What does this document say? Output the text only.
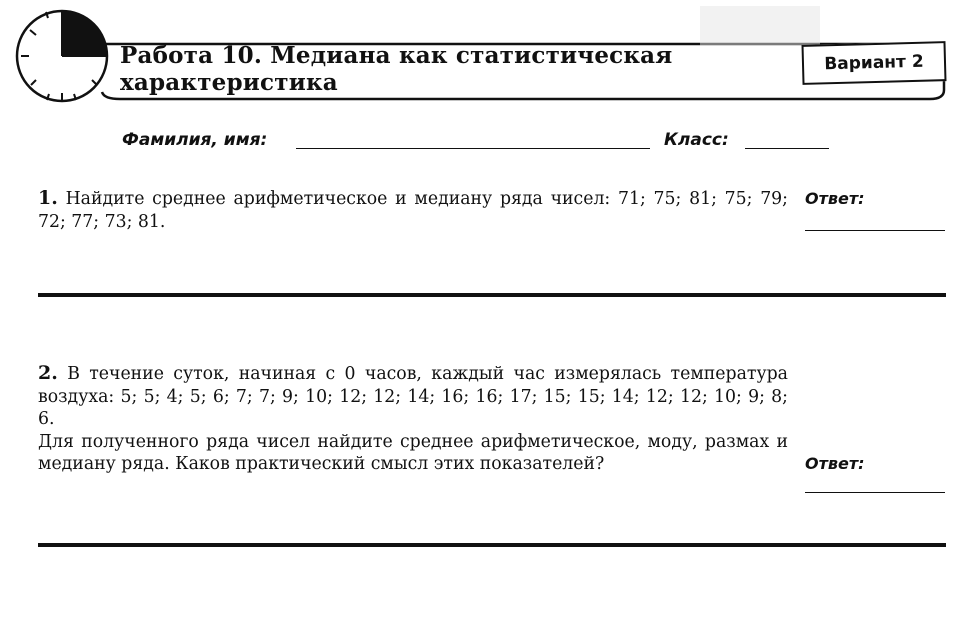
Работа 10. Медиана как статистическая
характеристика
Вариант 2
Фамилия, имя:	Класс:
1. Найдите среднее арифметическое и медиану ряда чисел: 71; 75; 81; 75; 79; 72; 77; 73; 81.
Ответ:
2. В течение суток, начиная с 0 часов, каждый час измерялась температура воздуха: 5; 5; 4; 5; 6; 7; 7; 9; 10; 12; 12; 14; 16; 16; 17; 15; 15; 14; 12; 12; 10; 9; 8; 6.
Для полученного ряда чисел найдите среднее арифметическое, моду, размах и медиану ряда. Каков практический смысл этих показателей?	Ответ:
